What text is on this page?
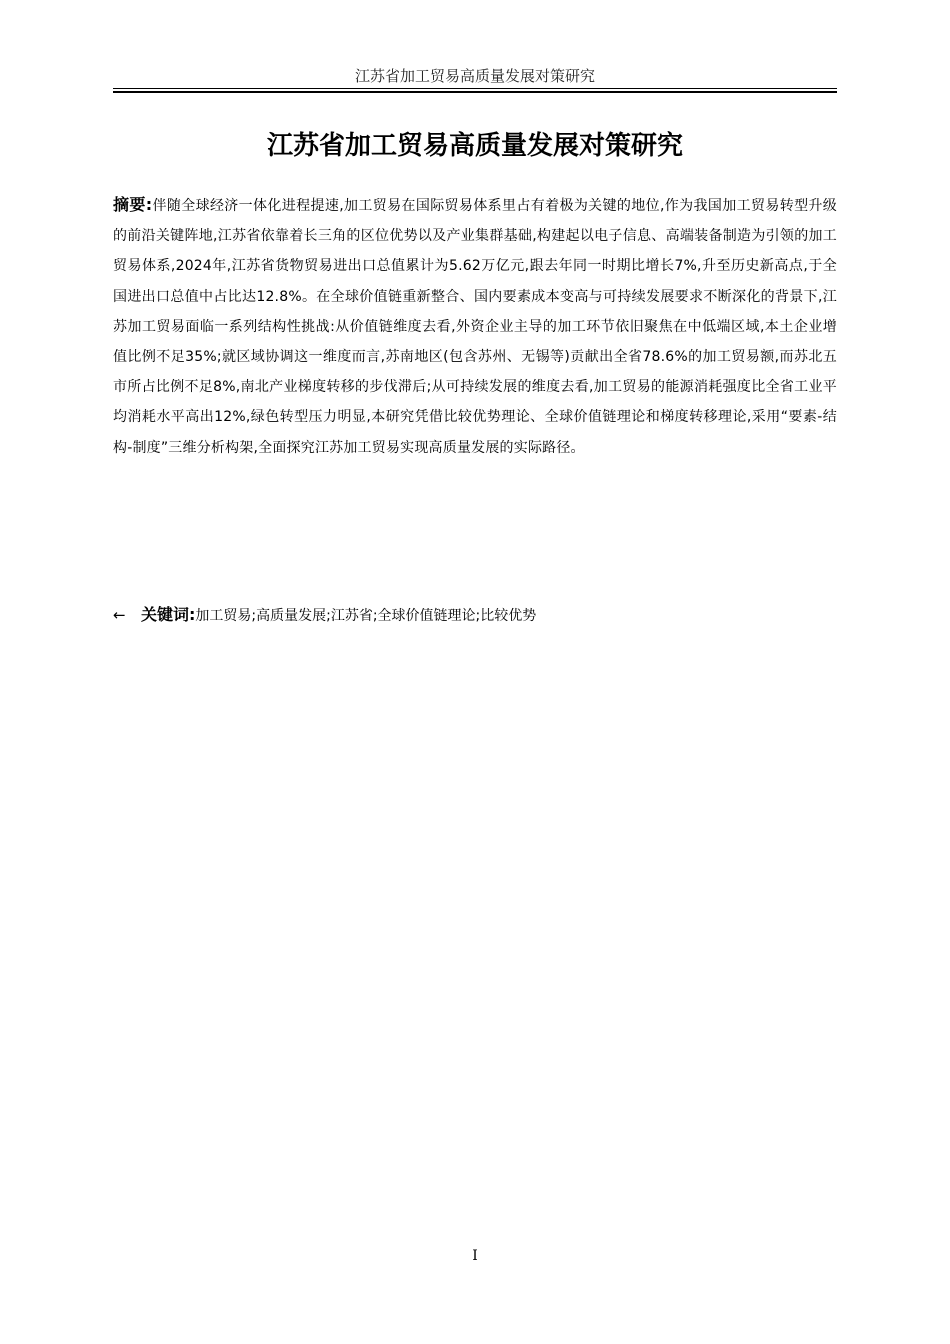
江苏省加工贸易高质量发展对策研究
江苏省加工贸易高质量发展对策研究

摘要:伴随全球经济一体化进程提速,加工贸易在国际贸易体系里占有着极为关键的地位,作为我国加工贸易转型升级的前沿关键阵地,江苏省依靠着长三角的区位优势以及产业集群基础,构建起以电子信息、高端装备制造为引领的加工贸易体系,2024年,江苏省货物贸易进出口总值累计为5.62万亿元,跟去年同一时期比增长7%,升至历史新高点,于全国进出口总值中占比达12.8%。在全球价值链重新整合、国内要素成本变高与可持续发展要求不断深化的背景下,江苏加工贸易面临一系列结构性挑战:从价值链维度去看,外资企业主导的加工环节依旧聚焦在中低端区域,本土企业增值比例不足35%;就区域协调这一维度而言,苏南地区(包含苏州、无锡等)贡献出全省78.6%的加工贸易额,而苏北五市所占比例不足8%,南北产业梯度转移的步伐滞后;从可持续发展的维度去看,加工贸易的能源消耗强度比全省工业平均消耗水平高出12%,绿色转型压力明显,本研究凭借比较优势理论、全球价值链理论和梯度转移理论,采用“要素-结构-制度”三维分析构架,全面探究江苏加工贸易实现高质量发展的实际路径。

← 关键词:加工贸易;高质量发展;江苏省;全球价值链理论;比较优势

I
